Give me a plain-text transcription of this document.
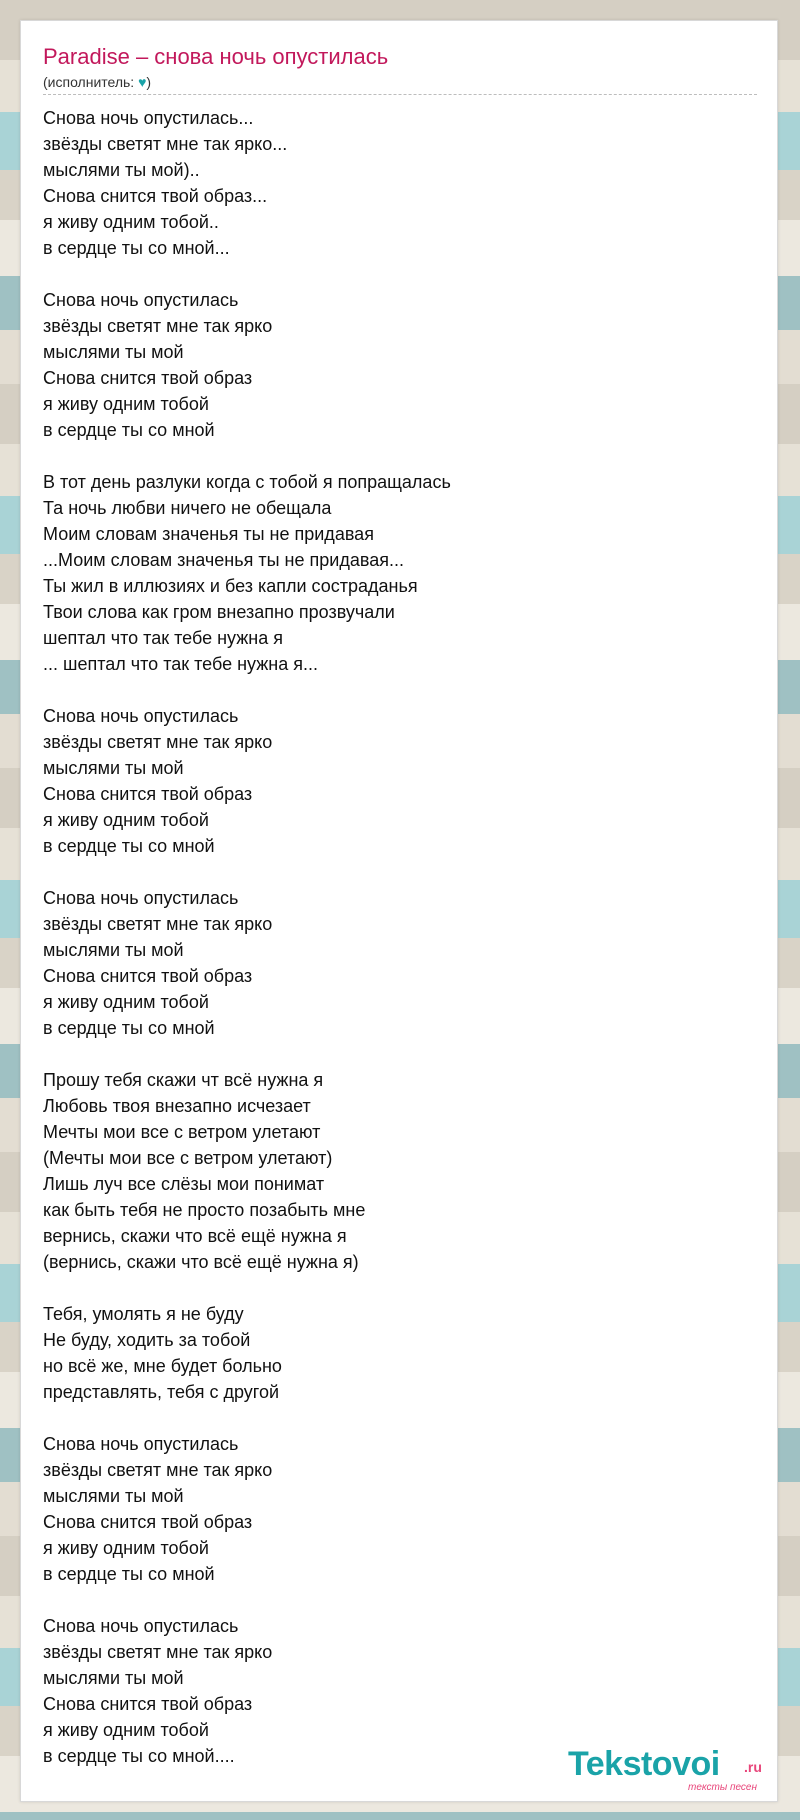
Paradise – снова ночь опустилась
(исполнитель: ♥)
Снова ночь опустилась...
звёзды светят мне так ярко...
мыслями ты мой)..
Снова снится твой образ...
я живу одним тобой..
в сердце ты со мной...
Снова ночь опустилась
звёзды светят мне так ярко
мыслями ты мой
Снова снится твой образ
я живу одним тобой
в сердце ты со мной
В тот день разлуки когда с тобой я попращалась
Та ночь любви ничего не обещала
Моим словам значенья ты не придавая
...Моим словам значенья ты не придавая...
Ты жил в иллюзиях и без капли сострaданья
Твои слова как гром внезапно прозвучали
шептал что так тебе нужна я
... шептал что так тебе нужна я...
Снова ночь опустилась
звёзды светят мне так ярко
мыслями ты мой
Снова снится твой образ
я живу одним тобой
в сердце ты со мной
Снова ночь опустилась
звёзды светят мне так ярко
мыслями ты мой
Снова снится твой образ
я живу одним тобой
в сердце ты со мной
Прошу тебя скажи чт всё нужна я
Любовь твоя внезапно исчезает
Мечты мои все с ветром улетают
(Мечты мои все с ветром улетают)
Лишь луч все слёзы мои понимат
как быть тебя не просто позабыть мне
вернись, скажи что всё ещё нужна я
(вернись, скажи что всё ещё нужна я)
Тебя, умолять я не буду
Не буду, ходить за тобой
но всё же, мне будет больно
представлять, тебя с другой
Снова ночь опустилась
звёзды светят мне так ярко
мыслями ты мой
Снова снится твой образ
я живу одним тобой
в сердце ты со мной
Снова ночь опустилась
звёзды светят мне так ярко
мыслями ты мой
Снова снится твой образ
я живу одним тобой
в сердце ты со мной....	Tekstovoi .ru
тексты песен
